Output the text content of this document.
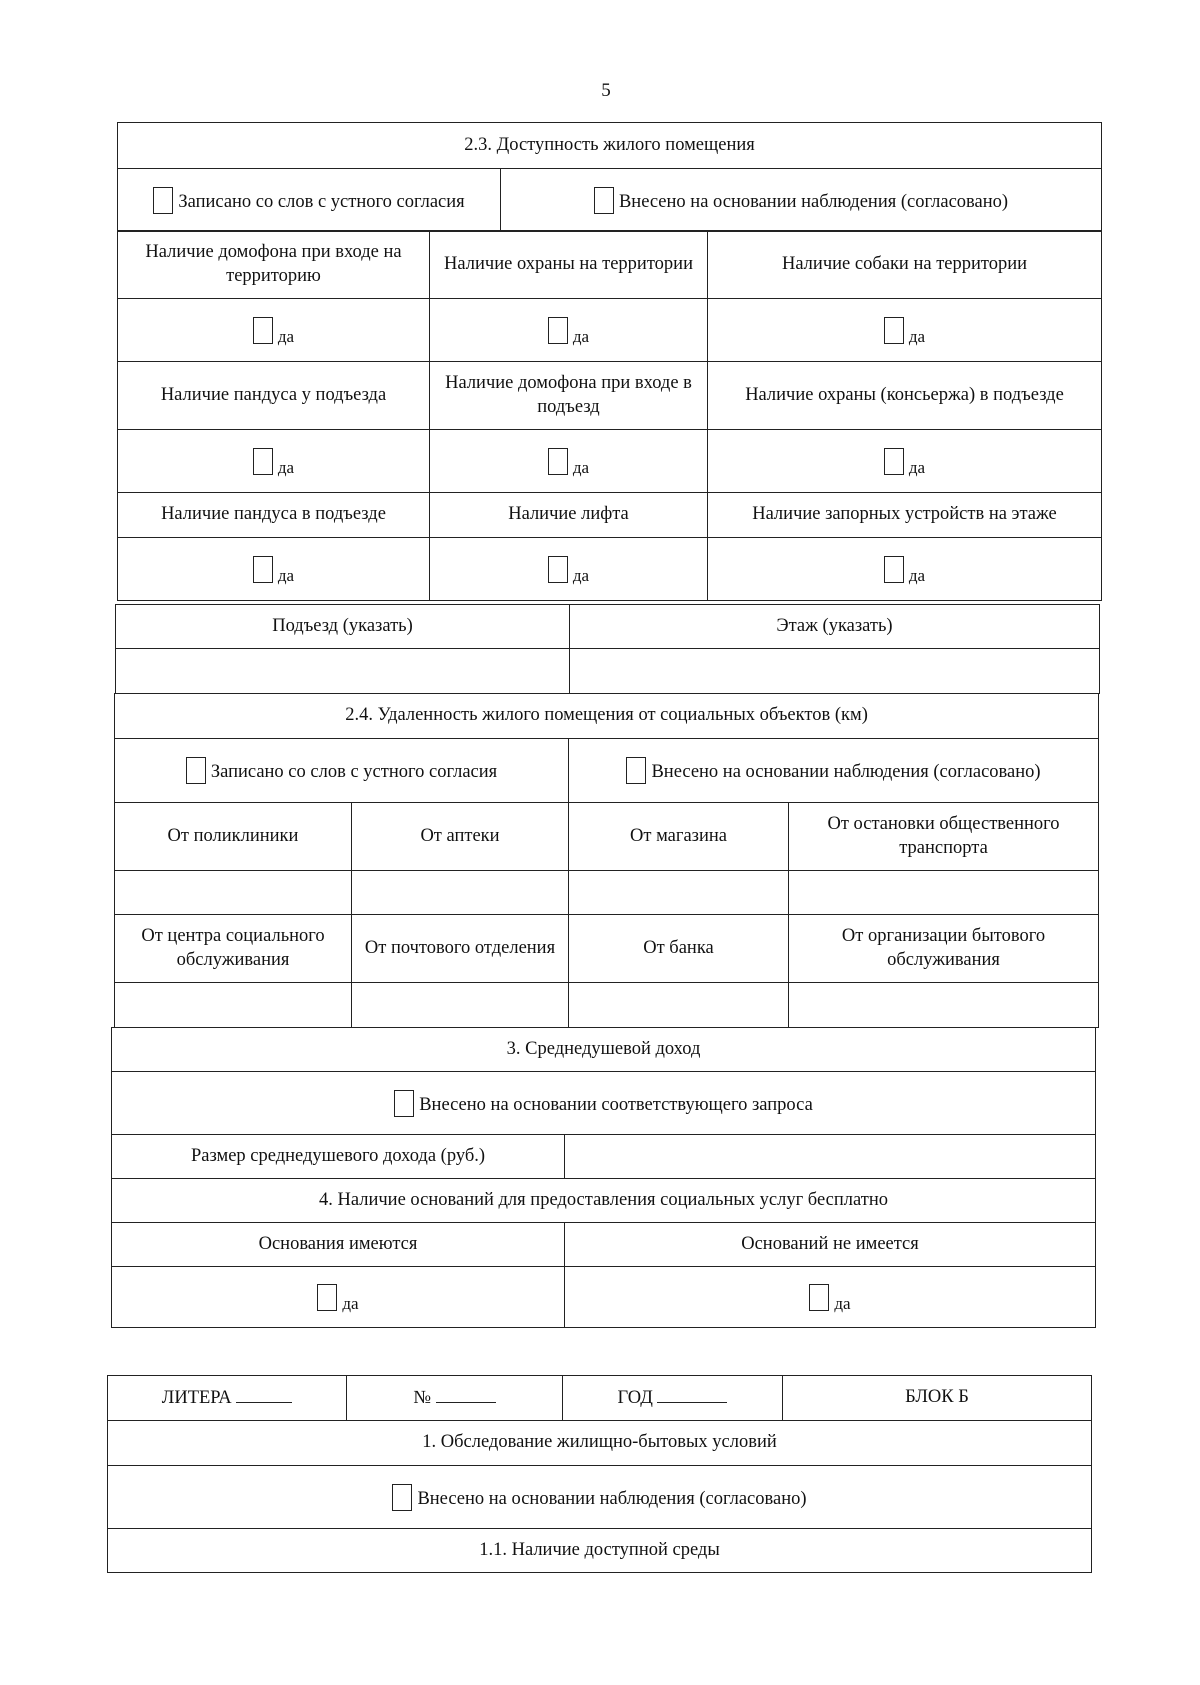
5
2.3. Доступность жилого помещения
Записано со слов с устного согласия	Внесено на основании наблюдения (согласовано)
Наличие домофона при входе на территорию	Наличие охраны на территории	Наличие собаки на территории
да	да	да
Наличие пандуса у подъезда	Наличие домофона при входе в подъезд	Наличие охраны (консьержа) в подъезде
да	да	да
Наличие пандуса в подъезде	Наличие лифта	Наличие запорных устройств на этаже
да	да	да
Подъезд (указать)	Этаж (указать)

2.4. Удаленность жилого помещения от социальных объектов (км)			
Записано со слов с устного согласия		Внесено на основании наблюдения (согласовано)	
От поликлиники	От аптеки	От магазина	От остановки общественного транспорта

От центра социального обслуживания	От почтового отделения	От банка	От организации бытового обслуживания

3. Среднедушевой доход	
Внесено на основании соответствующего запроса	
Размер среднедушевого дохода (руб.)	
4. Наличие оснований для предоставления социальных услуг бесплатно	
Основания имеются	Оснований не имеется
да	да
ЛИТЕРА	№	ГОД	БЛОК Б
1. Обследование жилищно-бытовых условий
Внесено на основании наблюдения (согласовано)
1.1. Наличие доступной среды
